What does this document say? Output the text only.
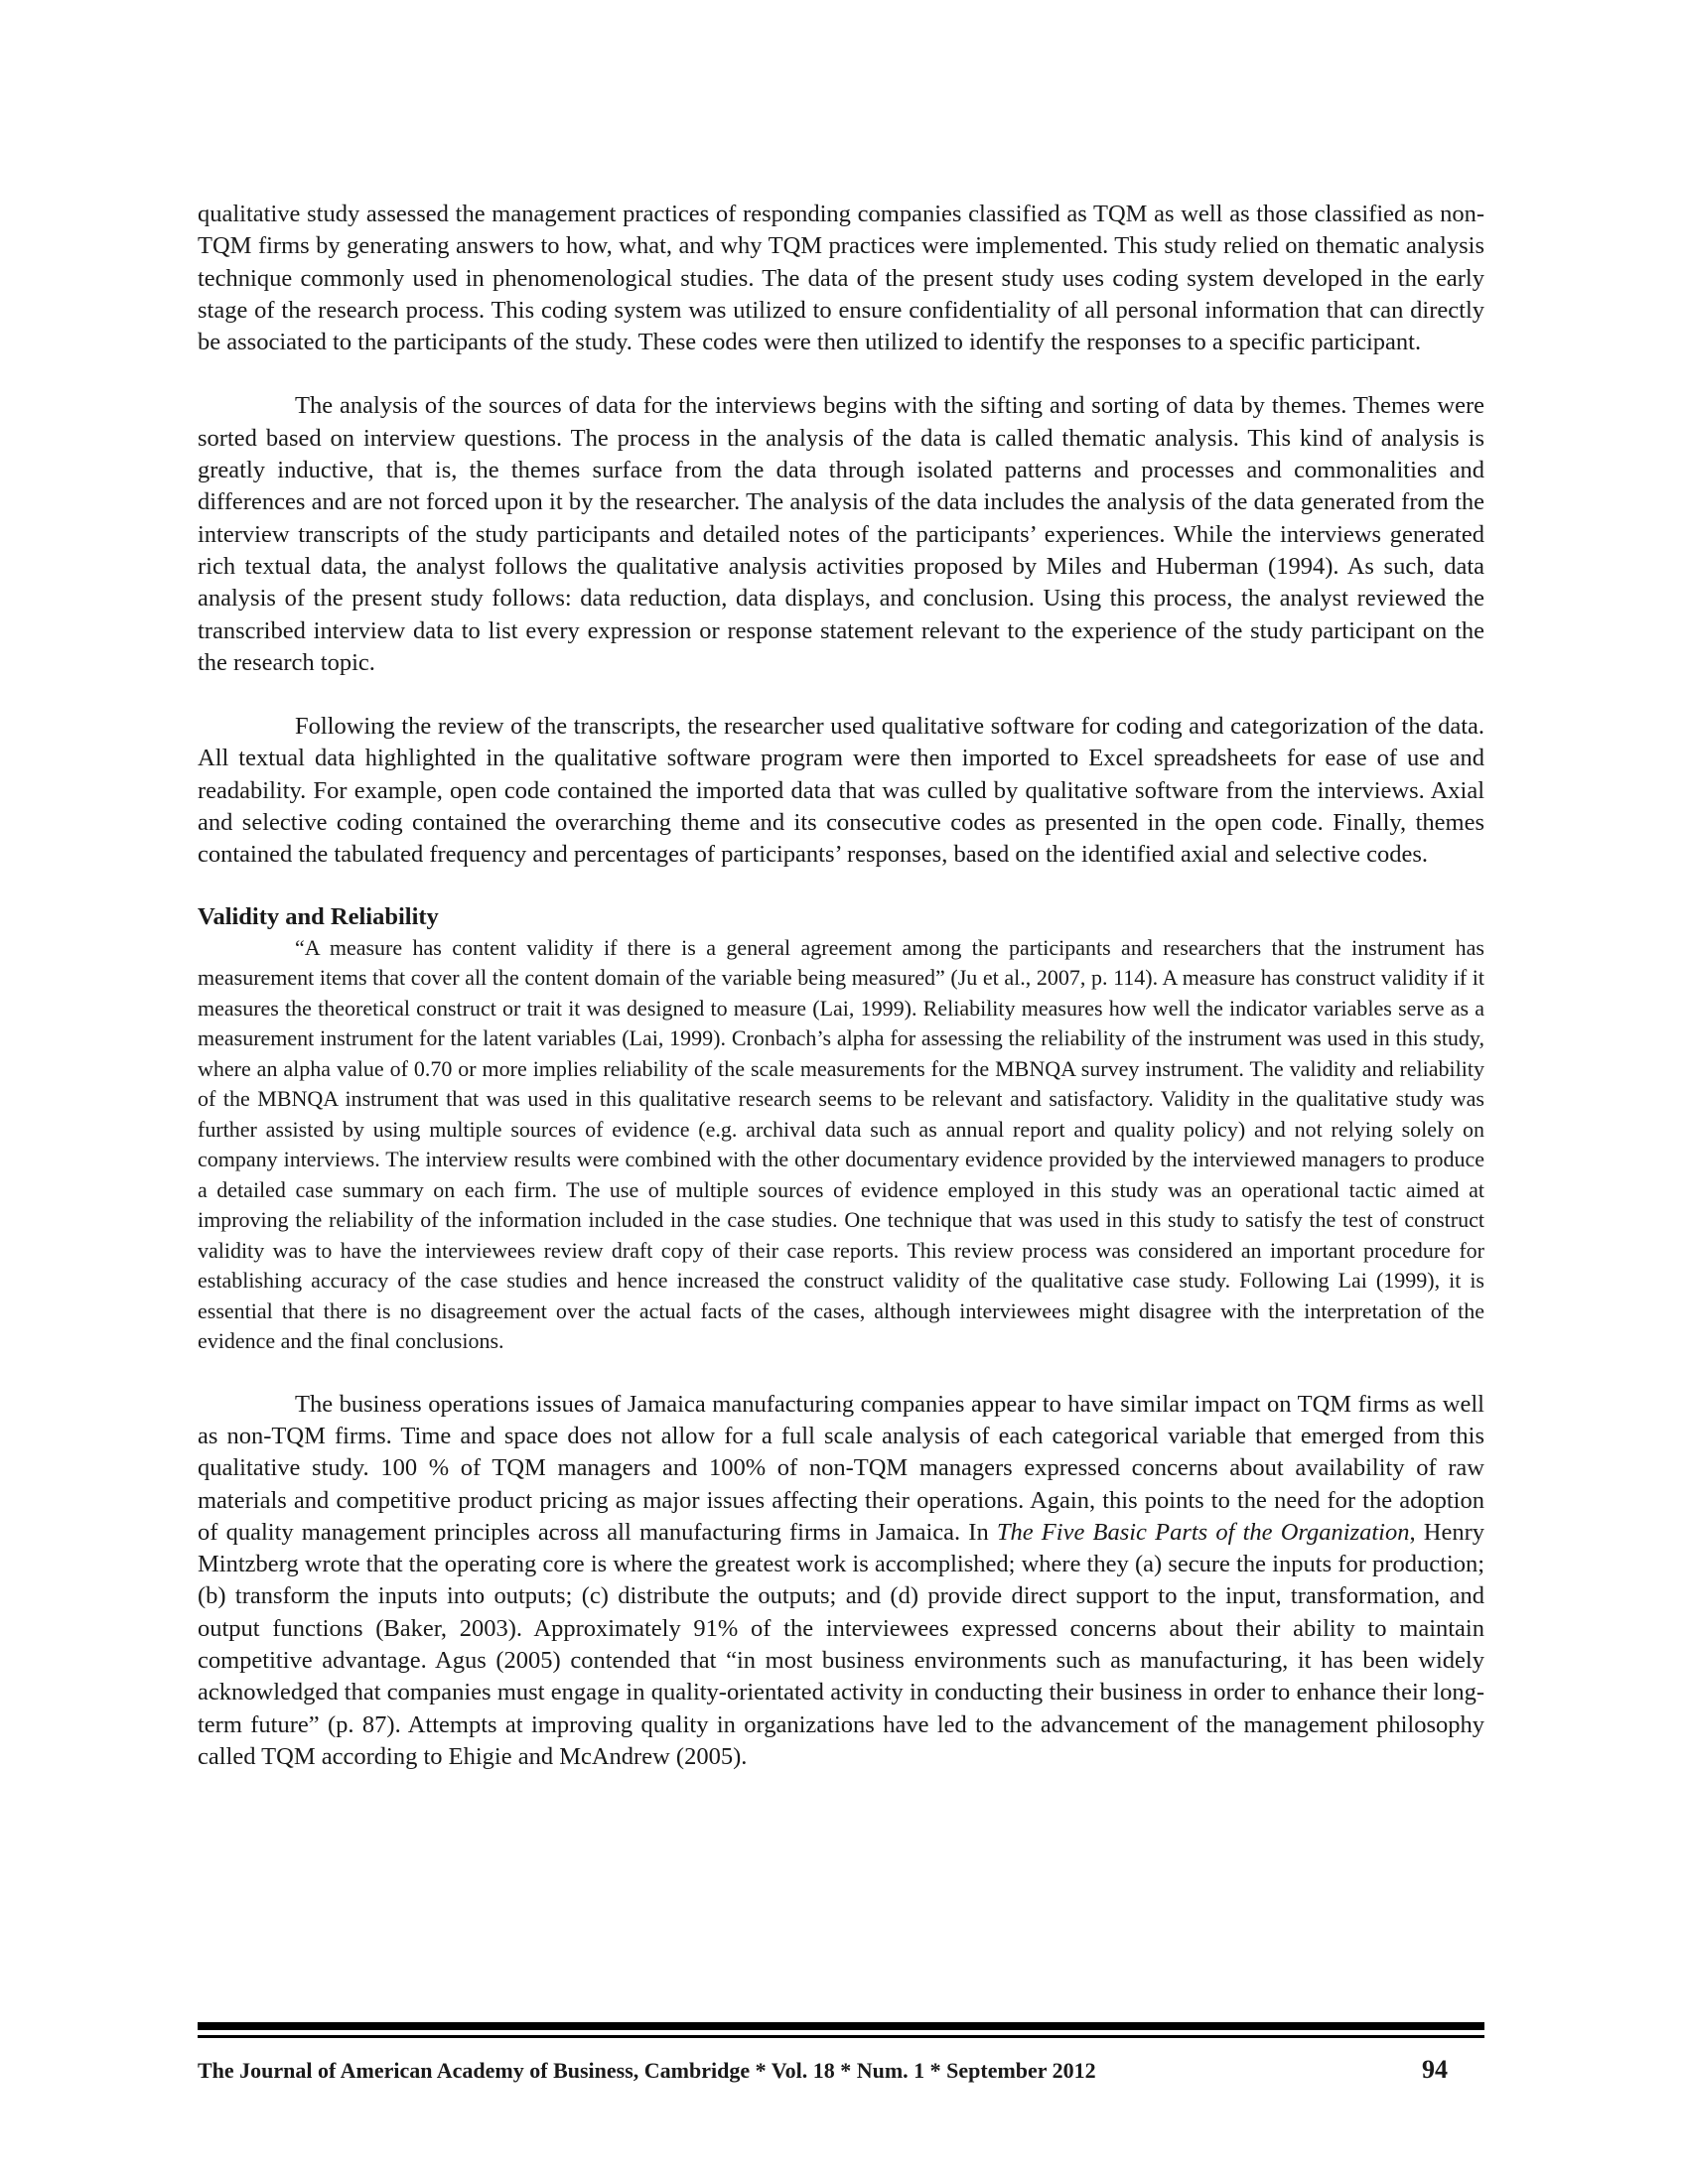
qualitative study assessed the management practices of responding companies classified as TQM as well as those classified as non-TQM firms by generating answers to how, what, and why TQM practices were implemented. This study relied on thematic analysis technique commonly used in phenomenological studies. The data of the present study uses coding system developed in the early stage of the research process. This coding system was utilized to ensure confidentiality of all personal information that can directly be associated to the participants of the study. These codes were then utilized to identify the responses to a specific participant.

The analysis of the sources of data for the interviews begins with the sifting and sorting of data by themes. Themes were sorted based on interview questions. The process in the analysis of the data is called thematic analysis. This kind of analysis is greatly inductive, that is, the themes surface from the data through isolated patterns and processes and commonalities and differences and are not forced upon it by the researcher. The analysis of the data includes the analysis of the data generated from the interview transcripts of the study participants and detailed notes of the participants’ experiences. While the interviews generated rich textual data, the analyst follows the qualitative analysis activities proposed by Miles and Huberman (1994). As such, data analysis of the present study follows: data reduction, data displays, and conclusion. Using this process, the analyst reviewed the transcribed interview data to list every expression or response statement relevant to the experience of the study participant on the the research topic.

Following the review of the transcripts, the researcher used qualitative software for coding and categorization of the data. All textual data highlighted in the qualitative software program were then imported to Excel spreadsheets for ease of use and readability. For example, open code contained the imported data that was culled by qualitative software from the interviews. Axial and selective coding contained the overarching theme and its consecutive codes as presented in the open code. Finally, themes contained the tabulated frequency and percentages of participants’ responses, based on the identified axial and selective codes.

Validity and Reliability

“A measure has content validity if there is a general agreement among the participants and researchers that the instrument has measurement items that cover all the content domain of the variable being measured” (Ju et al., 2007, p. 114). A measure has construct validity if it measures the theoretical construct or trait it was designed to measure (Lai, 1999). Reliability measures how well the indicator variables serve as a measurement instrument for the latent variables (Lai, 1999). Cronbach’s alpha for assessing the reliability of the instrument was used in this study, where an alpha value of 0.70 or more implies reliability of the scale measurements for the MBNQA survey instrument. The validity and reliability of the MBNQA instrument that was used in this qualitative research seems to be relevant and satisfactory. Validity in the qualitative study was further assisted by using multiple sources of evidence (e.g. archival data such as annual report and quality policy) and not relying solely on company interviews. The interview results were combined with the other documentary evidence provided by the interviewed managers to produce a detailed case summary on each firm. The use of multiple sources of evidence employed in this study was an operational tactic aimed at improving the reliability of the information included in the case studies. One technique that was used in this study to satisfy the test of construct validity was to have the interviewees review draft copy of their case reports. This review process was considered an important procedure for establishing accuracy of the case studies and hence increased the construct validity of the qualitative case study. Following Lai (1999), it is essential that there is no disagreement over the actual facts of the cases, although interviewees might disagree with the interpretation of the evidence and the final conclusions.

The business operations issues of Jamaica manufacturing companies appear to have similar impact on TQM firms as well as non-TQM firms. Time and space does not allow for a full scale analysis of each categorical variable that emerged from this qualitative study. 100 % of TQM managers and 100% of non-TQM managers expressed concerns about availability of raw materials and competitive product pricing as major issues affecting their operations. Again, this points to the need for the adoption of quality management principles across all manufacturing firms in Jamaica. In The Five Basic Parts of the Organization, Henry Mintzberg wrote that the operating core is where the greatest work is accomplished; where they (a) secure the inputs for production; (b) transform the inputs into outputs; (c) distribute the outputs; and (d) provide direct support to the input, transformation, and output functions (Baker, 2003). Approximately 91% of the interviewees expressed concerns about their ability to maintain competitive advantage. Agus (2005) contended that “in most business environments such as manufacturing, it has been widely acknowledged that companies must engage in quality-orientated activity in conducting their business in order to enhance their long-term future” (p. 87). Attempts at improving quality in organizations have led to the advancement of the management philosophy called TQM according to Ehigie and McAndrew (2005).

The Journal of American Academy of Business, Cambridge * Vol. 18 * Num. 1 * September 2012	94
